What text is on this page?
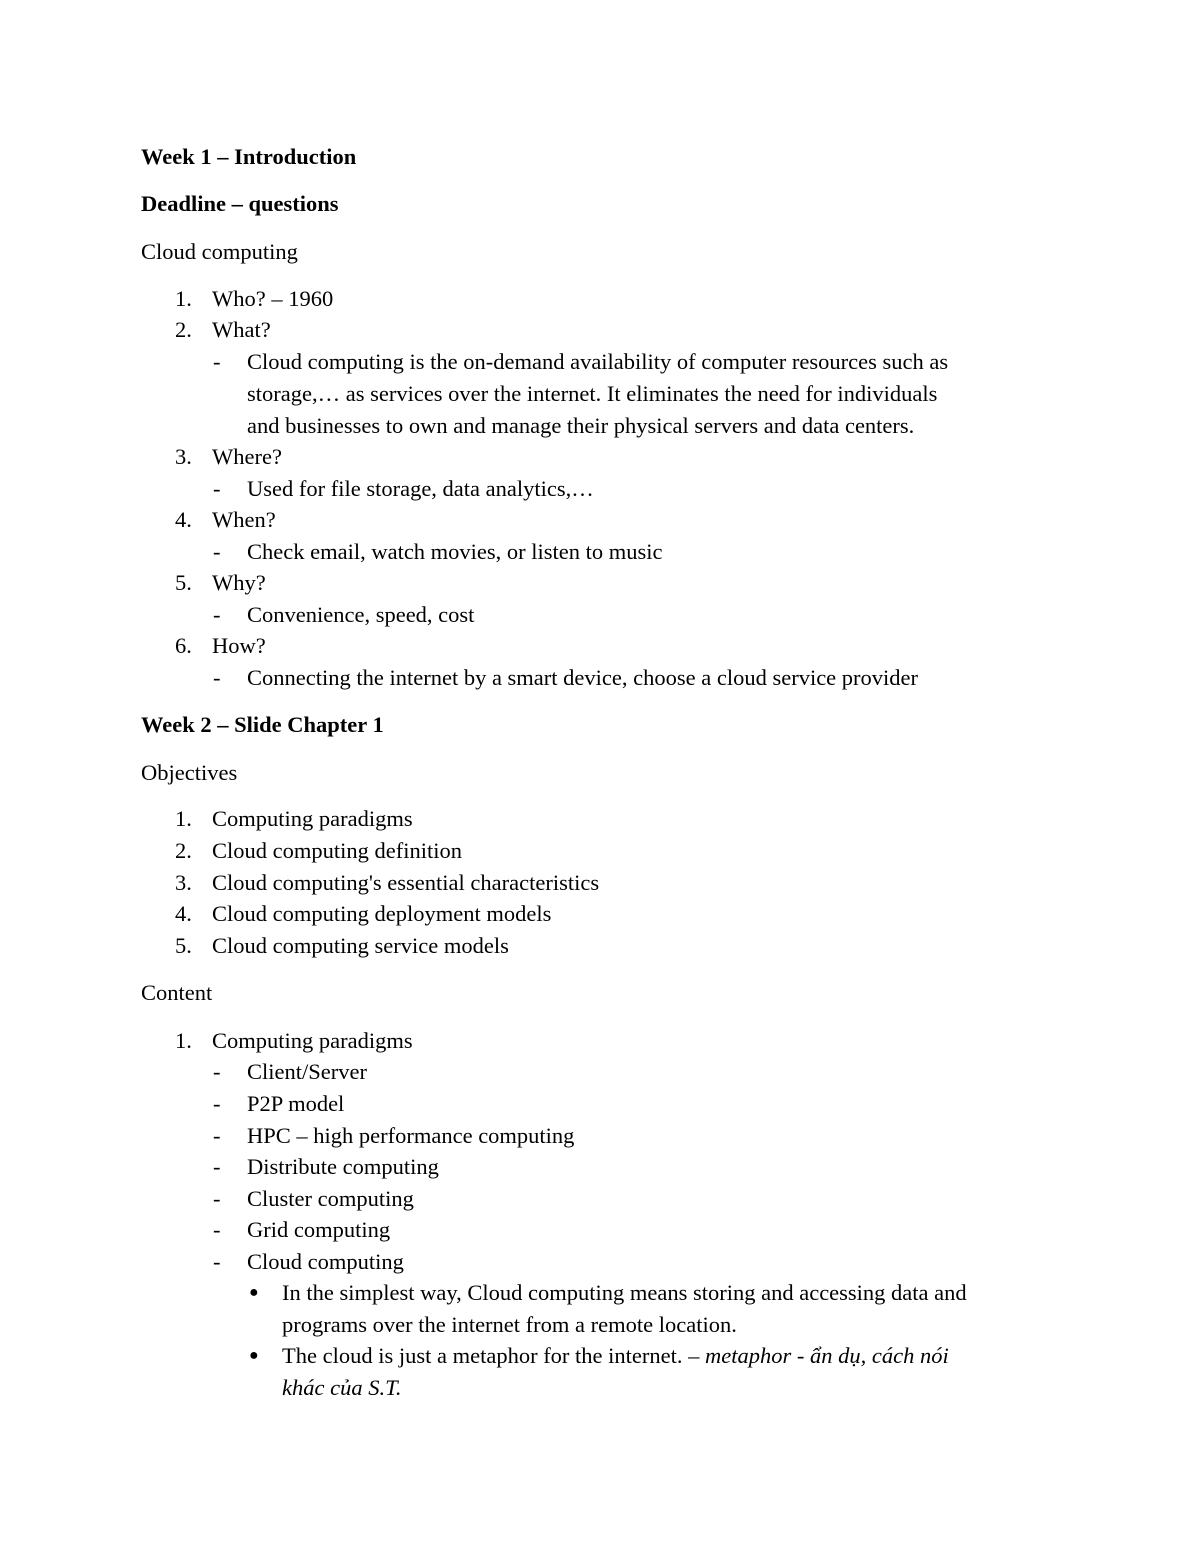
Week 1 – Introduction
Deadline – questions
Cloud computing
1. Who? – 1960
2. What?
- Cloud computing is the on-demand availability of computer resources such as
storage,… as services over the internet. It eliminates the need for individuals
and businesses to own and manage their physical servers and data centers.
3. Where?
- Used for file storage, data analytics,…
4. When?
- Check email, watch movies, or listen to music
5. Why?
- Convenience, speed, cost
6. How?
- Connecting the internet by a smart device, choose a cloud service provider
Week 2 – Slide Chapter 1
Objectives
1. Computing paradigms
2. Cloud computing definition
3. Cloud computing's essential characteristics
4. Cloud computing deployment models
5. Cloud computing service models
Content
1. Computing paradigms
- Client/Server
- P2P model
- HPC – high performance computing
- Distribute computing
- Cluster computing
- Grid computing
- Cloud computing
● In the simplest way, Cloud computing means storing and accessing data and
programs over the internet from a remote location.
● The cloud is just a metaphor for the internet. – metaphor - ẩn dụ, cách nói
khác của S.T.
